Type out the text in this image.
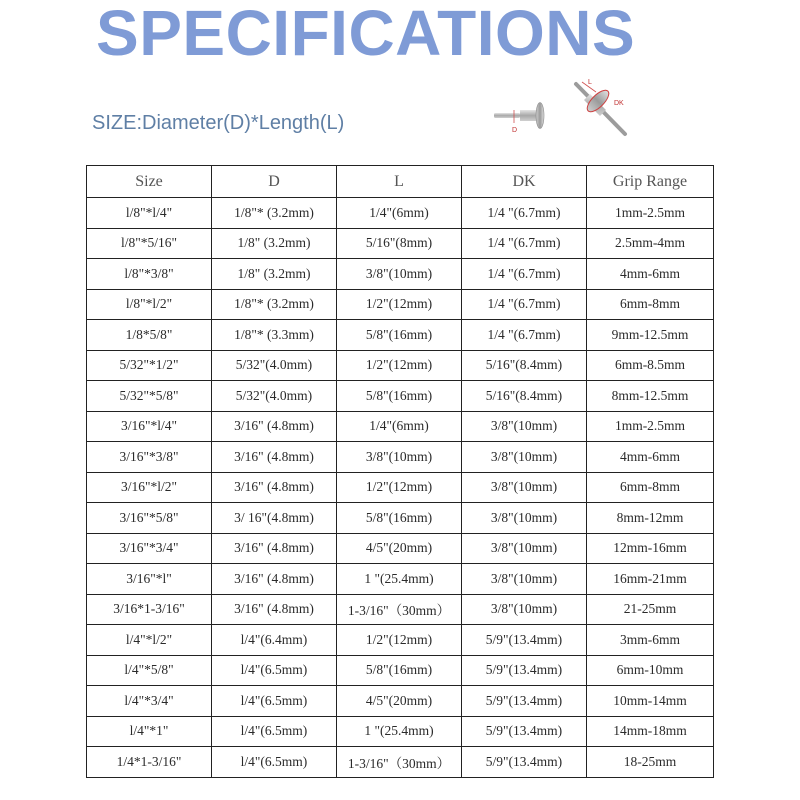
SPECIFICATIONS
SIZE:Diameter(D)*Length(L)	D
L
DK
Size	D	L	DK	Grip Range
l/8"*l/4"	1/8"* (3.2mm)	1/4"(6mm)	1/4 "(6.7mm)	1mm-2.5mm
l/8"*5/16"	1/8" (3.2mm)	5/16"(8mm)	1/4 "(6.7mm)	2.5mm-4mm
l/8"*3/8"	1/8" (3.2mm)	3/8"(10mm)	1/4 "(6.7mm)	4mm-6mm
l/8"*l/2"	1/8"* (3.2mm)	1/2"(12mm)	1/4 "(6.7mm)	6mm-8mm
1/8*5/8"	1/8"* (3.3mm)	5/8"(16mm)	1/4 "(6.7mm)	9mm-12.5mm
5/32"*1/2"	5/32"(4.0mm)	1/2"(12mm)	5/16"(8.4mm)	6mm-8.5mm
5/32"*5/8"	5/32"(4.0mm)	5/8"(16mm)	5/16"(8.4mm)	8mm-12.5mm
3/16"*l/4"	3/16" (4.8mm)	1/4"(6mm)	3/8"(10mm)	1mm-2.5mm
3/16"*3/8"	3/16" (4.8mm)	3/8"(10mm)	3/8"(10mm)	4mm-6mm
3/16"*l/2"	3/16" (4.8mm)	1/2"(12mm)	3/8"(10mm)	6mm-8mm
3/16"*5/8"	3/ 16"(4.8mm)	5/8"(16mm)	3/8"(10mm)	8mm-12mm
3/16"*3/4"	3/16" (4.8mm)	4/5"(20mm)	3/8"(10mm)	12mm-16mm
3/16"*l"	3/16" (4.8mm)	1 "(25.4mm)	3/8"(10mm)	16mm-21mm
3/16*1-3/16"	3/16" (4.8mm)	1-3/16"（30mm）	3/8"(10mm)	21-25mm
l/4"*l/2"	l/4"(6.4mm)	1/2"(12mm)	5/9"(13.4mm)	3mm-6mm
l/4"*5/8"	l/4"(6.5mm)	5/8"(16mm)	5/9"(13.4mm)	6mm-10mm
l/4"*3/4"	l/4"(6.5mm)	4/5"(20mm)	5/9"(13.4mm)	10mm-14mm
l/4"*1"	l/4"(6.5mm)	1 "(25.4mm)	5/9"(13.4mm)	14mm-18mm
1/4*1-3/16"	l/4"(6.5mm)	1-3/16"（30mm）	5/9"(13.4mm)	18-25mm
